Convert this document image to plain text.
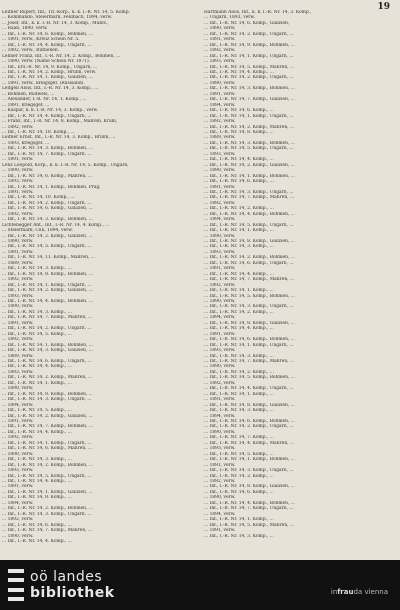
19
Leitner Rupert, Inf., Tit.-Korp., k. k. I.-R. Nr. 14, 5. Komp.
... Kommando, Steiermark, Feldbach, 1894, verw.
... Josef, Inf., k. k. I.-R. Nr. 14, 3. Komp., Mühlv.,
... Raab, 1890, verw.
... Inf., I.-R. Nr. 14, 6. Komp., Böhmen, ...
... 1891, verw., Kreuz Schein Nr. 5.
... Inf., I.-R. Nr. 14, 4. Komp., Ungarn, ...
... 1892, verw., Ruthenen.
Lehner Franz, Inf., I.-R. Nr. 14, 2. Komp., Böhmen, ...
... 1890, verw. (Name Schein Nr. 1871).
... Inf., Ers.-R. Nr. 14, 9. Komp., Ungarn, ...
... Inf., I.-R. Nr. 14, 2. Komp., Brünn, verw.
... Inf., I.-R. Nr. 14, 1. Komp., Galizien, ...
... 1891, verw., kriegsgef. (Russland).
Leitgeb Alois, Inf., I.-R. Nr. 14, 3. Komp., ...
... Böhmen, Budweis, ...
... Alexander, I.-R. Nr. 14, 1. Komp., ...
... 1891, kriegsgef. ...
... Kaspar, k. k. I.-R. Nr. 14, 3. Komp., verw.
... Inf., I.-R. Nr. 14, 4. Komp., Ungarn, ...
... Franz, Inf., I.-R. Nr. 14, 8. Komp., Mähren, Kram,
... 1892, verw.
... Inf., I.-R. Nr. 14, 10. Komp., ...
Leitner Ernst, Inf., I.-R. Nr. 14, 3. Komp., Brünn, ...
... 1893, kriegsgef. ...
... Inf., I.-R. Nr. 14, 3. Komp., Böhmen, ...
... Inf., I.-R. Nr. 14, 7. Komp., Ungarn, ...
... 1891, verw.
Lenz Leopold, Korp., k. k. I.-R. Nr. 14, 5. Komp., Ungarn,
... 1890, verw.
... Inf., I.-R. Nr. 14, 6. Komp., Mähren, ...
... 1893, verw.
... Inf., I.-R. Nr. 14, 1. Komp., Böhmen, Prag,
... 1891, verw.
... Inf., I.-R. Nr. 14, 10. Komp., ...
... Inf., I.-R. Nr. 14, 2. Komp., Ungarn, ...
... Inf., I.-R. Nr. 14, 6. Komp., Galizien, ...
... 1892, verw.
... Inf., I.-R. Nr. 14, 3. Komp., Böhmen, ...
Lichtenegger Ant., Inf., I.-R. Nr. 14, 4. Komp., ...
... Steiermark, Cilli, 1894, verw.
... Inf., I.-R. Nr. 14, 2. Komp., Galizien, ...
... 1890, verw.
... Inf., I.-R. Nr. 14, 5. Komp., Ungarn, ...
... 1891, verw.
... Inf., I.-R. Nr. 14, 11. Komp., Mähren, ...
... 1889, verw.
... Inf., I.-R. Nr. 14, 3. Komp., ...
... Inf., I.-R. Nr. 14, 8. Komp., Böhmen, ...
... 1892, verw.
... Inf., I.-R. Nr. 14, 1. Komp., Ungarn, ...
... Inf., I.-R. Nr. 14, 2. Komp., Galizien, ...
... 1893, verw.
... Inf., I.-R. Nr. 14, 4. Komp., Böhmen, ...
... 1890, verw.
... Inf., I.-R. Nr. 14, 3. Komp., ...
... Inf., I.-R. Nr. 14, 7. Komp., Mähren, ...
... 1891, verw.
... Inf., I.-R. Nr. 14, 2. Komp., Ungarn, ...
... Inf., I.-R. Nr. 14, 5. Komp., ...
... 1892, verw.
... Inf., I.-R. Nr. 14, 1. Komp., Böhmen, ...
... Inf., I.-R. Nr. 14, 3. Komp., Galizien, ...
... 1889, verw.
... Inf., I.-R. Nr. 14, 6. Komp., Ungarn, ...
... Inf., I.-R. Nr. 14, 4. Komp., ...
... 1893, verw.
... Inf., I.-R. Nr. 14, 2. Komp., Mähren, ...
... Inf., I.-R. Nr. 14, 1. Komp., ...
... 1890, verw.
... Inf., I.-R. Nr. 14, 8. Komp., Böhmen, ...
... Inf., I.-R. Nr. 14, 3. Komp., Ungarn, ...
... 1894, verw.
... Inf., I.-R. Nr. 14, 5. Komp., ...
... Inf., I.-R. Nr. 14, 2. Komp., Galizien, ...
... 1891, verw.
... Inf., I.-R. Nr. 14, 7. Komp., Böhmen, ...
... Inf., I.-R. Nr. 14, 4. Komp., ...
... 1892, verw.
... Inf., I.-R. Nr. 14, 1. Komp., Ungarn, ...
... Inf., I.-R. Nr. 14, 6. Komp., Mähren, ...
... 1890, verw.
... Inf., I.-R. Nr. 14, 3. Komp., ...
... Inf., I.-R. Nr. 14, 2. Komp., Böhmen, ...
... 1893, verw.
... Inf., I.-R. Nr. 14, 5. Komp., Ungarn, ...
... Inf., I.-R. Nr. 14, 4. Komp., ...
... 1891, verw.
... Inf., I.-R. Nr. 14, 1. Komp., Galizien, ...
... Inf., I.-R. Nr. 14, 8. Komp., ...
... 1894, verw.
... Inf., I.-R. Nr. 14, 2. Komp., Böhmen, ...
... Inf., I.-R. Nr. 14, 3. Komp., Ungarn, ...
... 1892, verw.
... Inf., I.-R. Nr. 14, 6. Komp., ...
... Inf., I.-R. Nr. 14, 7. Komp., Mähren, ...
... 1890, verw.
... Inf., I.-R. Nr. 14, 4. Komp., ...
Hartmann Alois, Inf., k. k. I.-R. Nr. 14, 3. Komp.,
... Ungarn, 1893, verw.
... Inf., I.-R. Nr. 14, 6. Komp., Galizien,
... 1890, verw.
... Inf., I.-R. Nr. 14, 2. Komp., Ungarn, ...
... 1891, verw.
... Inf., I.-R. Nr. 14, 9. Komp., Böhmen, ...
... 1892, verw.
... Inf., I.-R. Nr. 14, 1. Komp., Ungarn, ...
... 1893, verw.
... Inf., I.-R. Nr. 14, 5. Komp., Mähren, ...
... Inf., I.-R. Nr. 14, 4. Komp., ...
... Inf., I.-R. Nr. 14, 2. Komp., Ungarn, ...
... 1890, verw.
... Inf., I.-R. Nr. 14, 3. Komp., Böhmen, ...
... 1891, verw.
... Inf., I.-R. Nr. 14, 7. Komp., Galizien, ...
... 1894, verw.
... Inf., I.-R. Nr. 14, 6. Komp., ...
... Inf., I.-R. Nr. 14, 1. Komp., Ungarn, ...
... 1892, verw.
... Inf., I.-R. Nr. 14, 2. Komp., Mähren, ...
... Inf., I.-R. Nr. 14, 8. Komp., ...
... 1889, verw.
... Inf., I.-R. Nr. 14, 3. Komp., Böhmen, ...
... Inf., I.-R. Nr. 14, 5. Komp., Ungarn, ...
... 1893, verw.
... Inf., I.-R. Nr. 14, 4. Komp., ...
... Inf., I.-R. Nr. 14, 2. Komp., Galizien, ...
... 1890, verw.
... Inf., I.-R. Nr. 14, 1. Komp., Böhmen, ...
... Inf., I.-R. Nr. 14, 6. Komp., ...
... 1891, verw.
... Inf., I.-R. Nr. 14, 3. Komp., Ungarn, ...
... Inf., I.-R. Nr. 14, 7. Komp., Mähren, ...
... 1892, verw.
... Inf., I.-R. Nr. 14, 2. Komp., ...
... Inf., I.-R. Nr. 14, 4. Komp., Böhmen, ...
... 1894, verw.
... Inf., I.-R. Nr. 14, 5. Komp., Ungarn, ...
... Inf., I.-R. Nr. 14, 1. Komp., ...
... 1890, verw.
... Inf., I.-R. Nr. 14, 8. Komp., Galizien, ...
... Inf., I.-R. Nr. 14, 3. Komp., ...
... 1893, verw.
... Inf., I.-R. Nr. 14, 2. Komp., Böhmen, ...
... Inf., I.-R. Nr. 14, 6. Komp., Ungarn, ...
... 1891, verw.
... Inf., I.-R. Nr. 14, 4. Komp., ...
... Inf., I.-R. Nr. 14, 7. Komp., Mähren, ...
... 1892, verw.
... Inf., I.-R. Nr. 14, 1. Komp., ...
... Inf., I.-R. Nr. 14, 5. Komp., Böhmen, ...
... 1890, verw.
... Inf., I.-R. Nr. 14, 3. Komp., Ungarn, ...
... Inf., I.-R. Nr. 14, 2. Komp., ...
... 1894, verw.
... Inf., I.-R. Nr. 14, 8. Komp., Galizien, ...
... Inf., I.-R. Nr. 14, 4. Komp., ...
... 1891, verw.
... Inf., I.-R. Nr. 14, 6. Komp., Böhmen, ...
... Inf., I.-R. Nr. 14, 1. Komp., Ungarn, ...
... 1893, verw.
... Inf., I.-R. Nr. 14, 3. Komp., ...
... Inf., I.-R. Nr. 14, 7. Komp., Mähren, ...
... 1890, verw.
... Inf., I.-R. Nr. 14, 2. Komp., ...
... Inf., I.-R. Nr. 14, 5. Komp., Böhmen, ...
... 1892, verw.
... Inf., I.-R. Nr. 14, 4. Komp., Ungarn, ...
... Inf., I.-R. Nr. 14, 1. Komp., ...
... 1891, verw.
... Inf., I.-R. Nr. 14, 8. Komp., Galizien, ...
... Inf., I.-R. Nr. 14, 3. Komp., ...
... 1894, verw.
... Inf., I.-R. Nr. 14, 6. Komp., Böhmen, ...
... Inf., I.-R. Nr. 14, 2. Komp., Ungarn, ...
... 1890, verw.
... Inf., I.-R. Nr. 14, 7. Komp., ...
... Inf., I.-R. Nr. 14, 4. Komp., Mähren, ...
... 1893, verw.
... Inf., I.-R. Nr. 14, 5. Komp., ...
... Inf., I.-R. Nr. 14, 1. Komp., Böhmen, ...
... 1891, verw.
... Inf., I.-R. Nr. 14, 3. Komp., Ungarn, ...
... Inf., I.-R. Nr. 14, 2. Komp., ...
... 1892, verw.
... Inf., I.-R. Nr. 14, 8. Komp., Galizien, ...
... Inf., I.-R. Nr. 14, 6. Komp., ...
... 1890, verw.
... Inf., I.-R. Nr. 14, 4. Komp., Böhmen, ...
... Inf., I.-R. Nr. 14, 7. Komp., Ungarn, ...
... 1894, verw.
... Inf., I.-R. Nr. 14, 1. Komp., ...
... Inf., I.-R. Nr. 14, 5. Komp., Mähren, ...
... 1891, verw.
... Inf., I.-R. Nr. 14, 3. Komp., ...
oö landes
bibliothek	infrauda vienna
